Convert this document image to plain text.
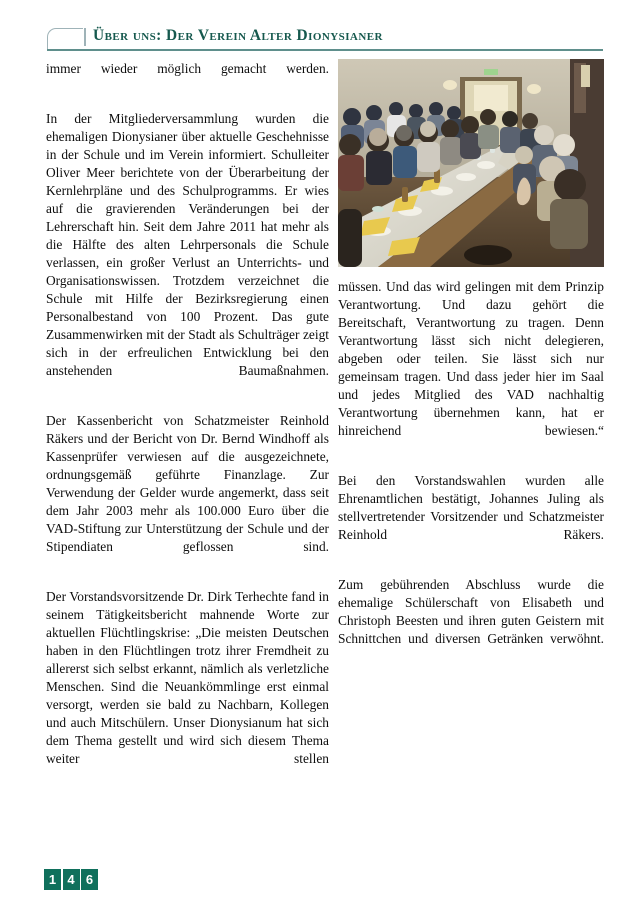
Über uns: Der Verein Alter Dionysianer

immer wieder möglich gemacht werden.

In der Mitgliederversammlung wurden die ehemaligen Dionysianer über aktuelle Geschehnisse in der Schule und im Verein informiert. Schulleiter Oliver Meer berichtete von der Überarbeitung der Kernlehrpläne und des Schulprogramms. Er wies auf die gravierenden Veränderungen bei der Lehrerschaft hin. Seit dem Jahre 2011 hat mehr als die Hälfte des alten Lehrpersonals die Schule verlassen, ein großer Verlust an Unterrichts- und Organisationswissen. Trotzdem verzeichnet die Schule mit Hilfe der Bezirksregierung einen Personalbestand von 100 Prozent. Das gute Zusammenwirken mit der Stadt als Schulträger zeigt sich in der erfreulichen Entwicklung bei den anstehenden Baumaßnahmen.

Der Kassenbericht von Schatzmeister Reinhold Räkers und der Bericht von Dr. Bernd Windhoff als Kassenprüfer verwiesen auf die ausgezeichnete, ordnungsgemäß geführte Finanzlage. Zur Verwendung der Gelder wurde angemerkt, dass seit dem Jahr 2003 mehr als 100.000 Euro über die VAD-Stiftung zur Unterstützung der Schule und der Stipendiaten geflossen sind.

Der Vorstandsvorsitzende Dr. Dirk Terhechte fand in seinem Tätigkeitsbericht mahnende Worte zur aktuellen Flüchtlingskrise: „Die meisten Deutschen haben in den Flüchtlingen trotz ihrer Fremdheit zu allererst sich selbst erkannt, nämlich als verletzliche Menschen. Sind die Neuankömmlinge erst einmal versorgt, werden sie bald zu Nachbarn, Kollegen und auch Mitschülern. Unser Dionysianum hat sich dem Thema gestellt und wird sich diesem Thema weiter stellen

müssen. Und das wird gelingen mit dem Prinzip Verantwortung. Und dazu gehört die Bereitschaft, Verantwortung zu tragen. Denn Verantwortung lässt sich nicht delegieren, abgeben oder teilen. Sie lässt sich nur gemeinsam tragen. Und dass jeder hier im Saal und jedes Mitglied des VAD nachhaltig Verantwortung übernehmen kann, hat er hinreichend bewiesen.“

Bei den Vorstandswahlen wurden alle Ehrenamtlichen bestätigt, Johannes Juling als stellvertretender Vorsitzender und Schatzmeister Reinhold Räkers.

Zum gebührenden Abschluss wurde die ehemalige Schülerschaft von Elisabeth und Christoph Beesten und ihren guten Geistern mit Schnittchen und diversen Getränken verwöhnt.

1 4 6
